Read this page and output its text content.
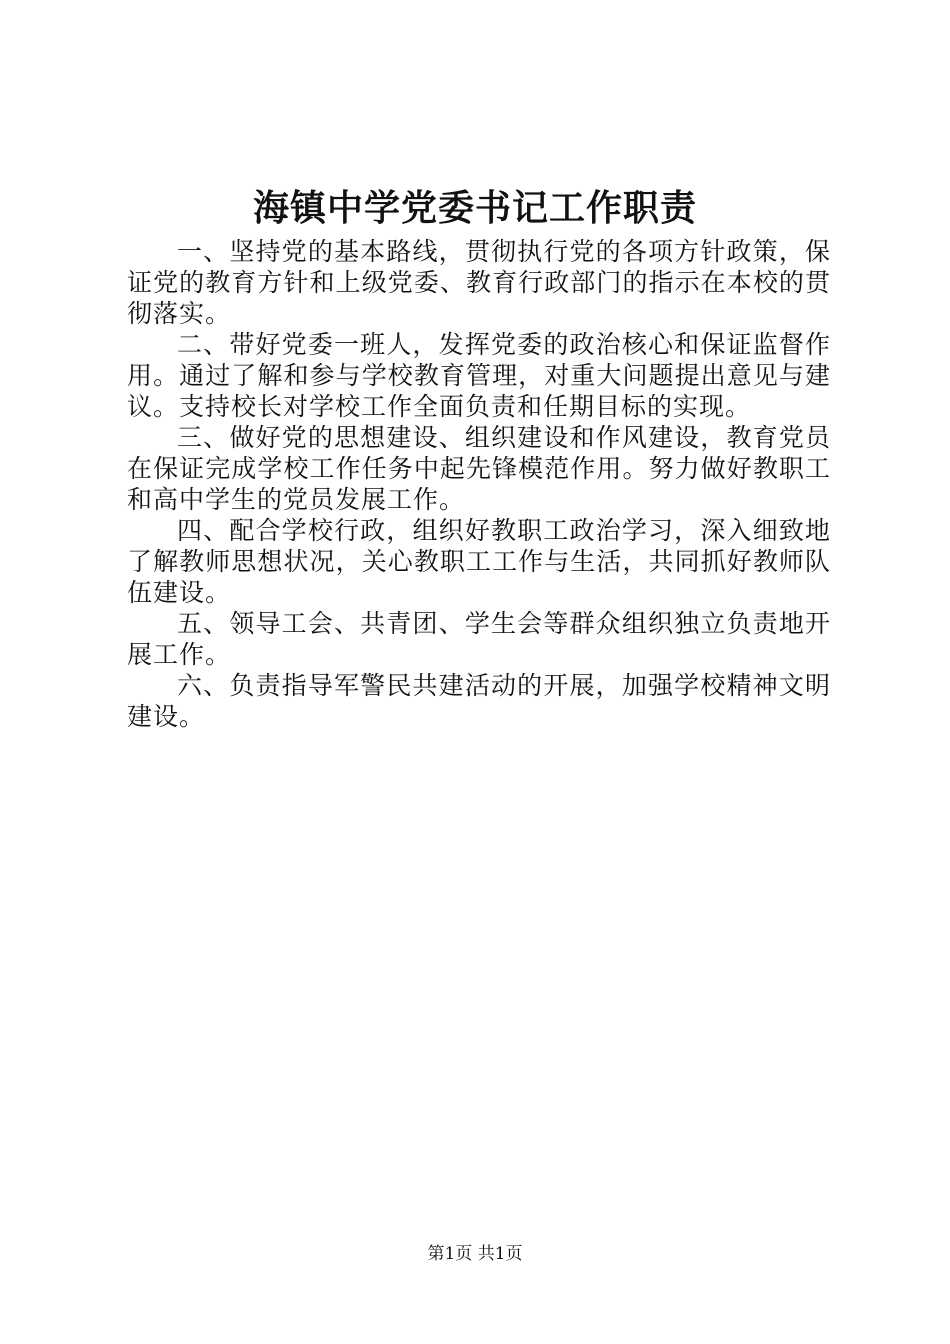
海镇中学党委书记工作职责

一、坚持党的基本路线，贯彻执行党的各项方针政策，保证党的教育方针和上级党委、教育行政部门的指示在本校的贯彻落实。

二、带好党委一班人，发挥党委的政治核心和保证监督作用。通过了解和参与学校教育管理，对重大问题提出意见与建议。支持校长对学校工作全面负责和任期目标的实现。

三、做好党的思想建设、组织建设和作风建设，教育党员在保证完成学校工作任务中起先锋模范作用。努力做好教职工和高中学生的党员发展工作。

四、配合学校行政，组织好教职工政治学习，深入细致地了解教师思想状况，关心教职工工作与生活，共同抓好教师队伍建设。

五、领导工会、共青团、学生会等群众组织独立负责地开展工作。

六、负责指导军警民共建活动的开展，加强学校精神文明建设。

第1页 共1页
